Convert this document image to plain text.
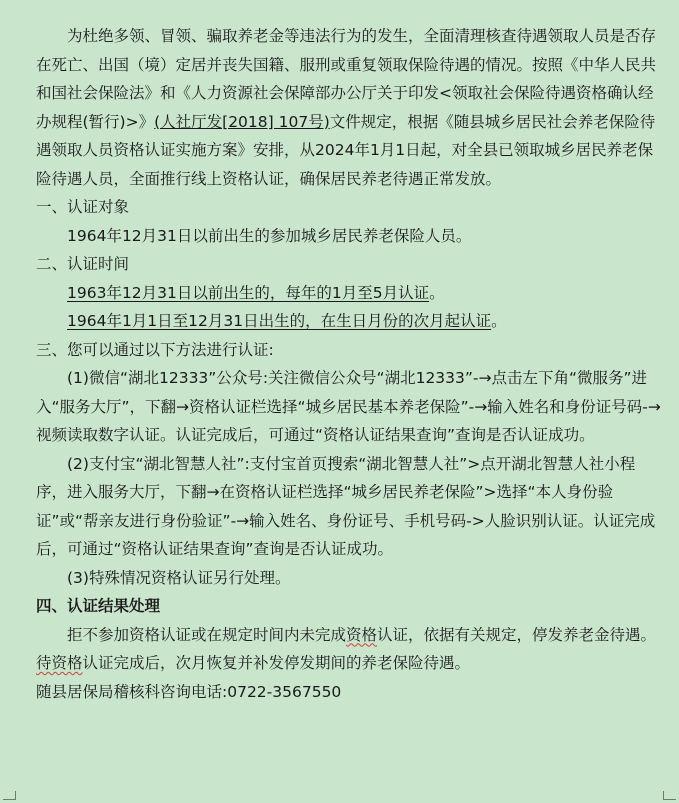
为杜绝多领、冒领、骗取养老金等违法行为的发生，全面清理核查待遇领取人员是否存在死亡、出国（境）定居并丧失国籍、服刑或重复领取保险待遇的情况。按照《中华人民共和国社会保险法》和《人力资源社会保障部办公厅关于印发<领取社会保险待遇资格确认经办规程(暂行)>》(人社厅发[2018] 107号)文件规定，根据《随县城乡居民社会养老保险待遇领取人员资格认证实施方案》安排，从2024年1月1日起，对全县已领取城乡居民养老保险待遇人员，全面推行线上资格认证，确保居民养老待遇正常发放。

一、认证对象

1964年12月31日以前出生的参加城乡居民养老保险人员。

二、认证时间

1963年12月31日以前出生的，每年的1月至5月认证。

1964年1月1日至12月31日出生的，在生日月份的次月起认证。

三、您可以通过以下方法进行认证:

(1)微信“湖北12333”公众号:关注微信公众号“湖北12333”-→点击左下角“微服务”进入“服务大厅”，下翻→资格认证栏选择“城乡居民基本养老保险”-→输入姓名和身份证号码-→视频读取数字认证。认证完成后，可通过“资格认证结果查询”查询是否认证成功。

(2)支付宝“湖北智慧人社”:支付宝首页搜索“湖北智慧人社”>点开湖北智慧人社小程序，进入服务大厅，下翻→在资格认证栏选择“城乡居民养老保险”>选择“本人身份验证”或“帮亲友进行身份验证”-→输入姓名、身份证号、手机号码->人脸识别认证。认证完成后，可通过“资格认证结果查询”查询是否认证成功。

(3)特殊情况资格认证另行处理。

四、认证结果处理

拒不参加资格认证或在规定时间内未完成资格认证，依据有关规定，停发养老金待遇。待资格认证完成后，次月恢复并补发停发期间的养老保险待遇。

随县居保局稽核科咨询电话:0722-3567550
